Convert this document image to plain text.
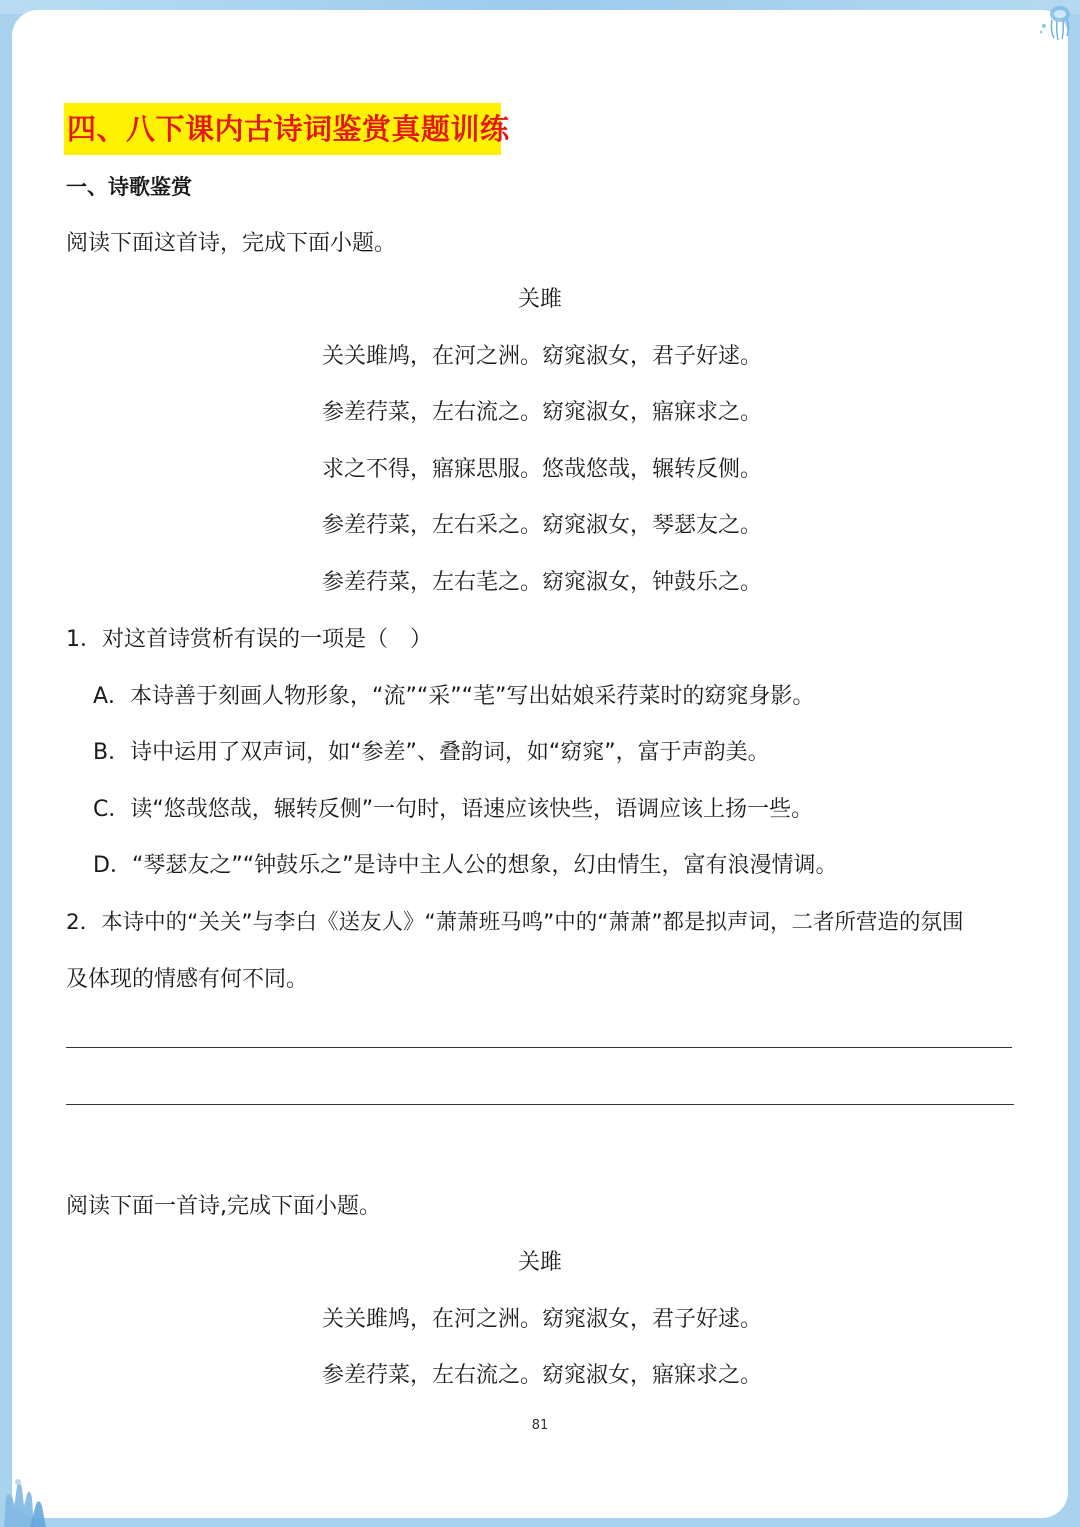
四、八下课内古诗词鉴赏真题训练
一、诗歌鉴赏
阅读下面这首诗，完成下面小题。
关雎
关关雎鸠，在河之洲。窈窕淑女，君子好逑。
参差荇菜，左右流之。窈窕淑女，寤寐求之。
求之不得，寤寐思服。悠哉悠哉，辗转反侧。
参差荇菜，左右采之。窈窕淑女，琴瑟友之。
参差荇菜，左右芼之。窈窕淑女，钟鼓乐之。
1．对这首诗赏析有误的一项是（　）
A．本诗善于刻画人物形象，“流”“采”“芼”写出姑娘采荇菜时的窈窕身影。
B．诗中运用了双声词，如“参差”、叠韵词，如“窈窕”，富于声韵美。
C．读“悠哉悠哉，辗转反侧”一句时，语速应该快些，语调应该上扬一些。
D．“琴瑟友之”“钟鼓乐之”是诗中主人公的想象，幻由情生，富有浪漫情调。
2．本诗中的“关关”与李白《送友人》“萧萧班马鸣”中的“萧萧”都是拟声词，二者所营造的氛围
及体现的情感有何不同。
阅读下面一首诗,完成下面小题。
关雎
关关雎鸠，在河之洲。窈窕淑女，君子好逑。
参差荇菜，左右流之。窈窕淑女，寤寐求之。
81
